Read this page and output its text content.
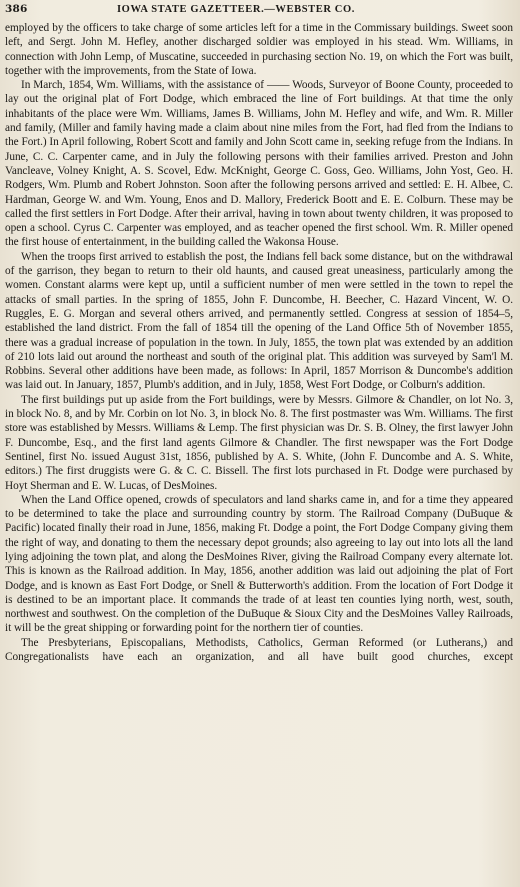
386	IOWA STATE GAZETTEER.—WEBSTER CO.

employed by the officers to take charge of some articles left for a time in the Commissary buildings. Sweet soon left, and Sergt. John M. Hefley, another discharged soldier was employed in his stead. Wm. Williams, in connection with John Lemp, of Muscatine, succeeded in purchasing section No. 19, on which the Fort was built, together with the improvements, from the State of Iowa.

In March, 1854, Wm. Williams, with the assistance of —— Woods, Surveyor of Boone County, proceeded to lay out the original plat of Fort Dodge, which embraced the line of Fort buildings. At that time the only inhabitants of the place were Wm. Williams, James B. Williams, John M. Hefley and wife, and Wm. R. Miller and family, (Miller and family having made a claim about nine miles from the Fort, had fled from the Indians to the Fort.) In April following, Robert Scott and family and John Scott came in, seeking refuge from the Indians. In June, C. C. Carpenter came, and in July the following persons with their families arrived. Preston and John Vancleave, Volney Knight, A. S. Scovel, Edw. McKnight, George C. Goss, Geo. Williams, John Yost, Geo. H. Rodgers, Wm. Plumb and Robert Johnston. Soon after the following persons arrived and settled: E. H. Albee, C. Hardman, George W. and Wm. Young, Enos and D. Mallory, Frederick Boott and E. E. Colburn. These may be called the first settlers in Fort Dodge. After their arrival, having in town about twenty children, it was proposed to open a school. Cyrus C. Carpenter was employed, and as teacher opened the first school. Wm. R. Miller opened the first house of entertainment, in the building called the Wakonsa House.

When the troops first arrived to establish the post, the Indians fell back some distance, but on the withdrawal of the garrison, they began to return to their old haunts, and caused great uneasiness, particularly among the women. Constant alarms were kept up, until a sufficient number of men were settled in the town to repel the attacks of small parties. In the spring of 1855, John F. Duncombe, H. Beecher, C. Hazard Vincent, W. O. Ruggles, E. G. Morgan and several others arrived, and permanently settled. Congress at session of 1854–5, established the land district. From the fall of 1854 till the opening of the Land Office 5th of November 1855, there was a gradual increase of population in the town. In July, 1855, the town plat was extended by an addition of 210 lots laid out around the northeast and south of the original plat. This addition was surveyed by Sam'l M. Robbins. Several other additions have been made, as follows: In April, 1857 Morrison & Duncombe's addition was laid out. In January, 1857, Plumb's addition, and in July, 1858, West Fort Dodge, or Colburn's addition.

The first buildings put up aside from the Fort buildings, were by Messrs. Gilmore & Chandler, on lot No. 3, in block No. 8, and by Mr. Corbin on lot No. 3, in block No. 8. The first postmaster was Wm. Williams. The first store was established by Messrs. Williams & Lemp. The first physician was Dr. S. B. Olney, the first lawyer John F. Duncombe, Esq., and the first land agents Gilmore & Chandler. The first newspaper was the Fort Dodge Sentinel, first No. issued August 31st, 1856, published by A. S. White, (John F. Duncombe and A. S. White, editors.) The first druggists were G. & C. C. Bissell. The first lots purchased in Ft. Dodge were purchased by Hoyt Sherman and E. W. Lucas, of DesMoines.

When the Land Office opened, crowds of speculators and land sharks came in, and for a time they appeared to be determined to take the place and surrounding country by storm. The Railroad Company (DuBuque & Pacific) located finally their road in June, 1856, making Ft. Dodge a point, the Fort Dodge Company giving them the right of way, and donating to them the necessary depot grounds; also agreeing to lay out into lots all the land lying adjoining the town plat, and along the DesMoines River, giving the Railroad Company every alternate lot. This is known as the Railroad addition. In May, 1856, another addition was laid out adjoining the plat of Fort Dodge, and is known as East Fort Dodge, or Snell & Butterworth's addition. From the location of Fort Dodge it is destined to be an important place. It commands the trade of at least ten counties lying north, west, south, northwest and southwest. On the completion of the DuBuque & Sioux City and the DesMoines Valley Railroads, it will be the great shipping or forwarding point for the northern tier of counties.

The Presbyterians, Episcopalians, Methodists, Catholics, German Reformed (or Lutherans,) and Congregationalists have each an organization, and all have built good churches, except
